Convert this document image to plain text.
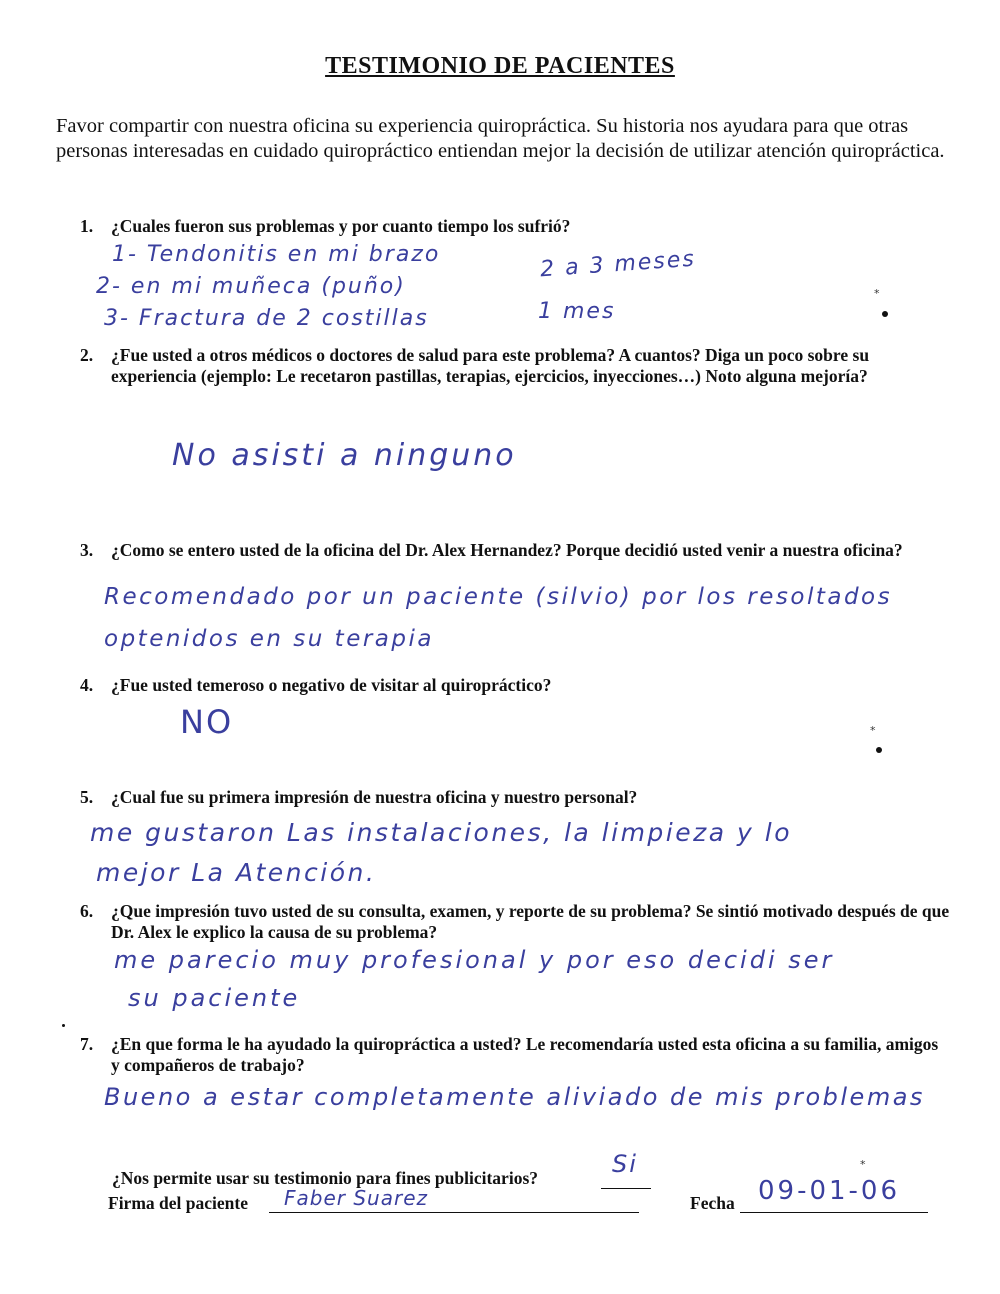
TESTIMONIO DE PACIENTES
Favor compartir con nuestra oficina su experiencia quiropráctica. Su historia nos ayudara para que otras personas interesadas en cuidado quiropráctico entiendan mejor la decisión de utilizar atención quiropráctica.
1. ¿Cuales fueron sus problemas y por cuanto tiempo los sufrió?
1- Tendonitis en mi brazo
2- en mi muñeca (puño)
3- Fractura de 2 costillas
2 a 3 meses
1 mes
2. ¿Fue usted a otros médicos o doctores de salud para este problema? A cuantos? Diga un poco sobre su experiencia (ejemplo: Le recetaron pastillas, terapias, ejercicios, inyecciones…) Noto alguna mejoría?
No asisti a ninguno
3. ¿Como se entero usted de la oficina del Dr. Alex Hernandez? Porque decidió usted venir a nuestra oficina?
Recomendado por un paciente (silvio) por los resoltados
optenidos en su terapia
4. ¿Fue usted temeroso o negativo de visitar al quiropráctico?
NO
5. ¿Cual fue su primera impresión de nuestra oficina y nuestro personal?
me gustaron Las instalaciones, la limpieza y lo
mejor La Atención.
6. ¿Que impresión tuvo usted de su consulta, examen, y reporte de su problema? Se sintió motivado después de que Dr. Alex le explico la causa de su problema?
me parecio muy profesional y por eso decidi ser
su paciente
7. ¿En que forma le ha ayudado la quiropráctica a usted? Le recomendaría usted esta oficina a su familia, amigos y compañeros de trabajo?
Bueno a estar completamente aliviado de mis problemas
¿Nos permite usar su testimonio para fines publicitarios?	Si
Firma del paciente Faber Suarez	Fecha 09-01-06
*
*
*
